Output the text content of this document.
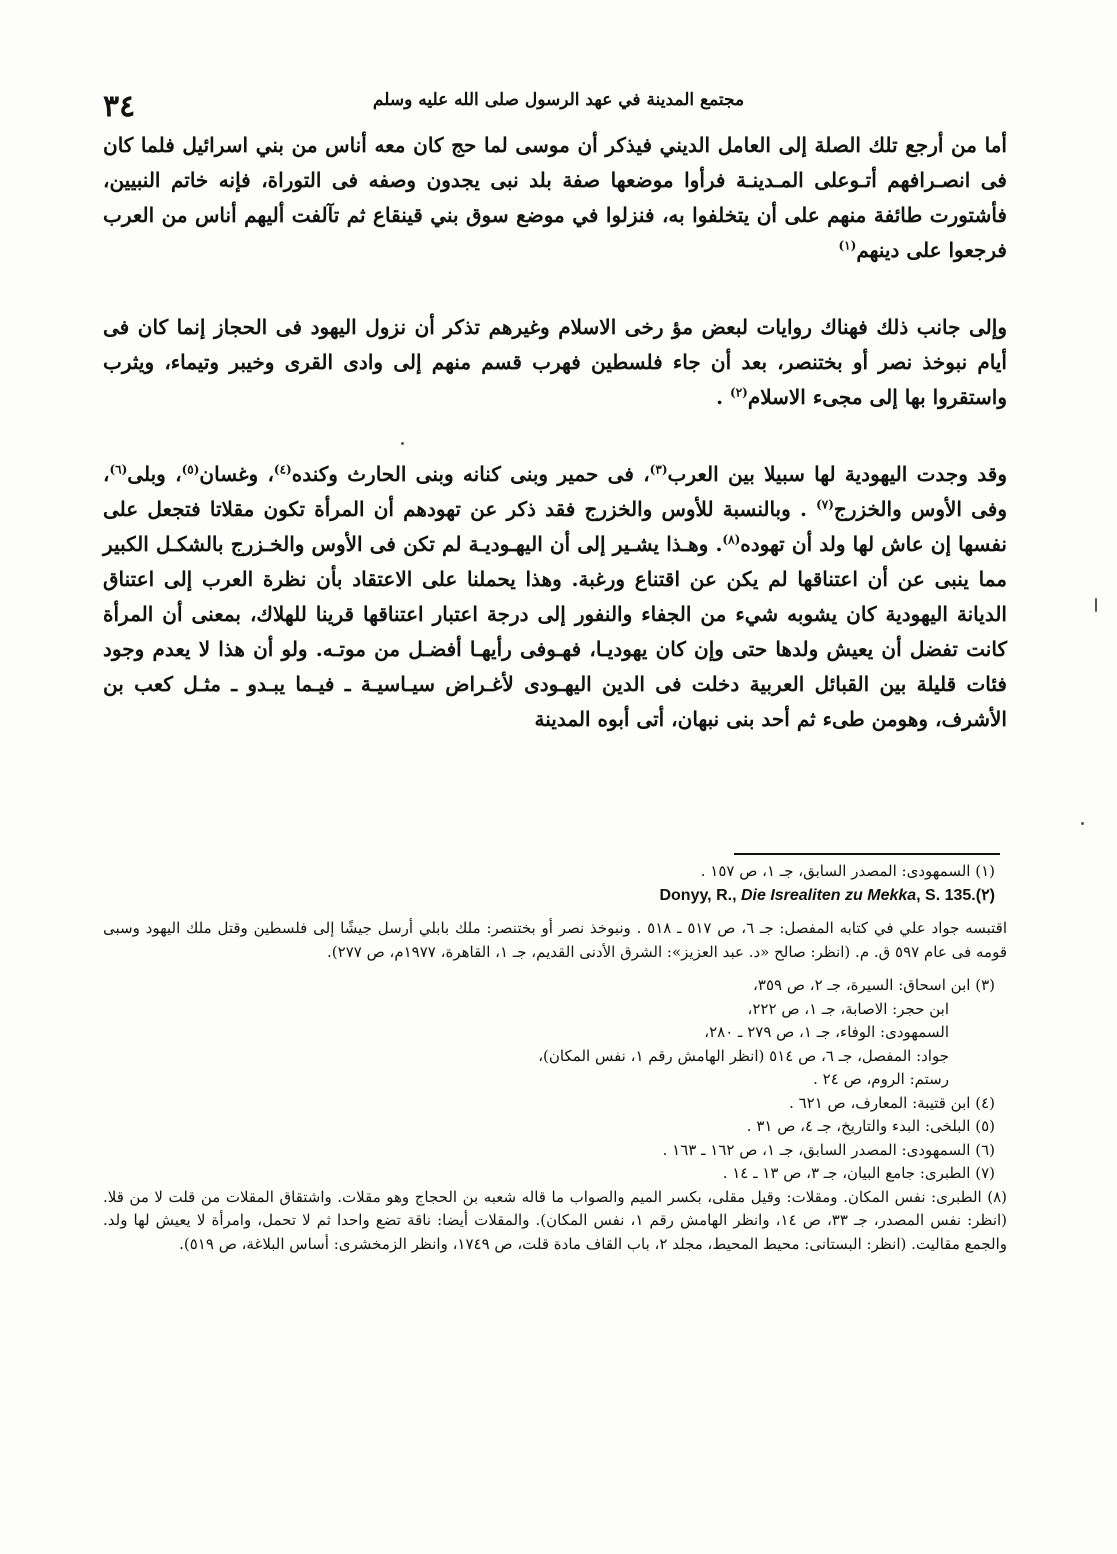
٣٤	مجتمع المدينة في عهد الرسول صلى الله عليه وسلم

أما من أرجع تلك الصلة إلى العامل الديني فيذكر أن موسى لما حج كان معه أناس من بني اسرائيل فلما كان فى انصـرافهم أتـوعلى المـدينـة فرأوا موضعها صفة بلد نبى يجدون وصفه فى التوراة، فإنه خاتم النبيين، فأشتورت طائفة منهم على أن يتخلفوا به، فنزلوا في موضع سوق بني قينقاع ثم تآلفت أليهم أناس من العرب فرجعوا على دينهم$^{(١)}$

وإلى جانب ذلك فهناك روايات لبعض مؤ رخى الاسلام وغيرهم تذكر أن نزول اليهود فى الحجاز إنما كان فى أيام نبوخذ نصر أو بختنصر، بعد أن جاء فلسطين فهرب قسم منهم إلى وادى القرى وخيبر وتيماء، ويثرب واستقروا بها إلى مجىء الاسلام$^{(٢)}$ .

وقد وجدت اليهودية لها سبيلا بين العرب$^{(٣)}$، فى حمير وبنى كنانه وبنى الحارث وكنده$^{(٤)}$، وغسان$^{(٥)}$، وبلى$^{(٦)}$، وفى الأوس والخزرج$^{(٧)}$ . وبالنسبة للأوس والخزرج فقد ذكر عن تهودهم أن المرأة تكون مقلاتا فتجعل على نفسها إن عاش لها ولد أن تهوده$^{(٨)}$. وهـذا يشـير إلى أن اليهـوديـة لم تكن فى الأوس والخـزرج بالشكـل الكبير مما ينبى عن أن اعتناقها لم يكن عن اقتناع ورغبة. وهذا يحملنا على الاعتقاد بأن نظرة العرب إلى اعتناق الديانة اليهودية كان يشوبه شيء من الجفاء والنفور إلى درجة اعتبار اعتناقها قرينا للهلاك، بمعنى أن المرأة كانت تفضل أن يعيش ولدها حتى وإن كان يهوديـا، فهـوفى رأيهـا أفضـل من موتـه. ولو أن هذا لا يعدم وجود فئات قليلة بين القبائل العربية دخلت فى الدين اليهـودى لأغـراض سيـاسيـة ـ فيـما يبـدو ـ مثـل كعب بن الأشرف، وهومن طىء ثم أحد بنى نبهان، أتى أبوه المدينة

(١) السمهودى: المصدر السابق، جـ ١، ص ١٥٧ .

Donyy, R., Die Isrealiten zu Mekka, S. 135.(٢)

اقتبسه جواد علي في كتابه المفصل: جـ ٦، ص ٥١٧ ـ ٥١٨ . ونبوخذ نصر أو بختنصر: ملك بابلي أرسل جيشًا إلى فلسطين وقتل ملك اليهود وسبى قومه فى عام ٥٩٧ ق. م. (انظر: صالح «د. عبد العزيز»: الشرق الأدنى القديم، جـ ١، القاهرة، ١٩٧٧م، ص ٢٧٧).

(٣) ابن اسحاق: السيرة، جـ ٢، ص ٣٥٩،

ابن حجر: الاصابة، جـ ١، ص ٢٢٢،

السمهودى: الوفاء، جـ ١، ص ٢٧٩ ـ ٢٨٠،

جواد: المفصل، جـ ٦، ص ٥١٤ (انظر الهامش رقم ١، نفس المكان)،

رستم: الروم، ص ٢٤ .

(٤) ابن قتيبة: المعارف، ص ٦٢١ .

(٥) البلخى: البدء والتاريخ، جـ ٤، ص ٣١ .

(٦) السمهودى: المصدر السابق، جـ ١، ص ١٦٢ ـ ١٦٣ .

(٧) الطبرى: جامع البيان، جـ ٣، ص ١٣ ـ ١٤ .

(٨) الطبرى: نفس المكان. ومقلات: وقيل مقلى، بكسر الميم والصواب ما قاله شعبه بن الحجاج وهو مقلات. واشتقاق المقلات من قلت لا من قلا. (انظر: نفس المصدر، جـ ٣٣، ص ١٤، وانظر الهامش رقم ١، نفس المكان). والمقلات أيضا: ناقة تضع واحدا ثم لا تحمل، وامرأة لا يعيش لها ولد. والجمع مقاليت. (انظر: البستانى: محيط المحيط، مجلد ٢، باب القاف مادة قلت، ص ١٧٤٩، وانظر الزمخشرى: أساس البلاغة، ص ٥١٩).
